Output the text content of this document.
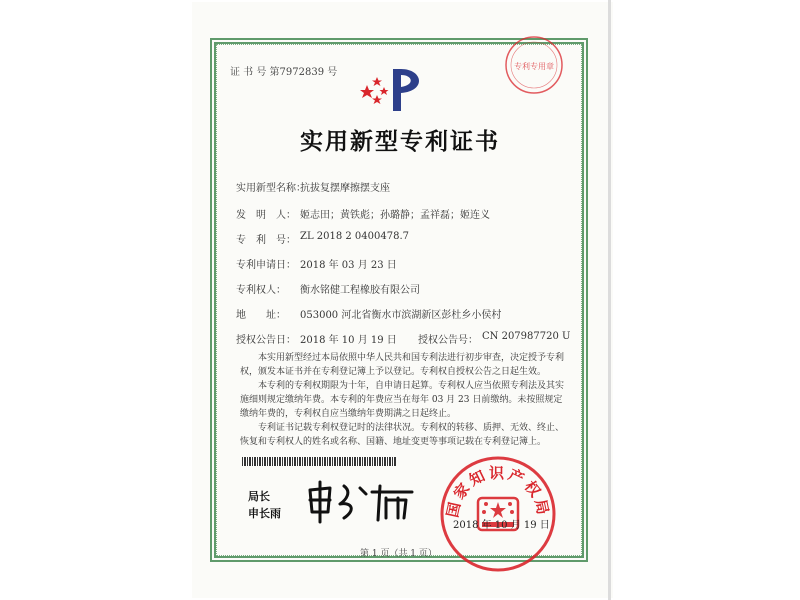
证 书 号 第7972839 号
专利专用章
实用新型专利证书
实用新型名称：
抗拔复摆摩擦摆支座
发　明　人： 姬志田；黄铁彪；孙璐静；孟祥磊；姬连义
专　利　号： ZL 2018 2 0400478.7
专利申请日： 2018 年 03 月 23 日
专利权人： 衡水铭健工程橡胶有限公司
地　　址： 053000 河北省衡水市滨湖新区彭杜乡小侯村
授权公告日： 2018 年 10 月 19 日 授权公告号： CN 207987720 U
本实用新型经过本局依照中华人民共和国专利法进行初步审查，决定授予专利权，颁发本证书并在专利登记簿上予以登记。专利权自授权公告之日起生效。
本专利的专利权期限为十年，自申请日起算。专利权人应当依照专利法及其实施细则规定缴纳年费。本专利的年费应当在每年 03 月 23 日前缴纳。未按照规定缴纳年费的，专利权自应当缴纳年费期满之日起终止。
专利证书记载专利权登记时的法律状况。专利权的转移、质押、无效、终止、恢复和专利权人的姓名或名称、国籍、地址变更等事项记载在专利登记簿上。
局长
申长雨	国家知识产权局
2018 年 10 月 19 日
第 1 页（共 1 页）
